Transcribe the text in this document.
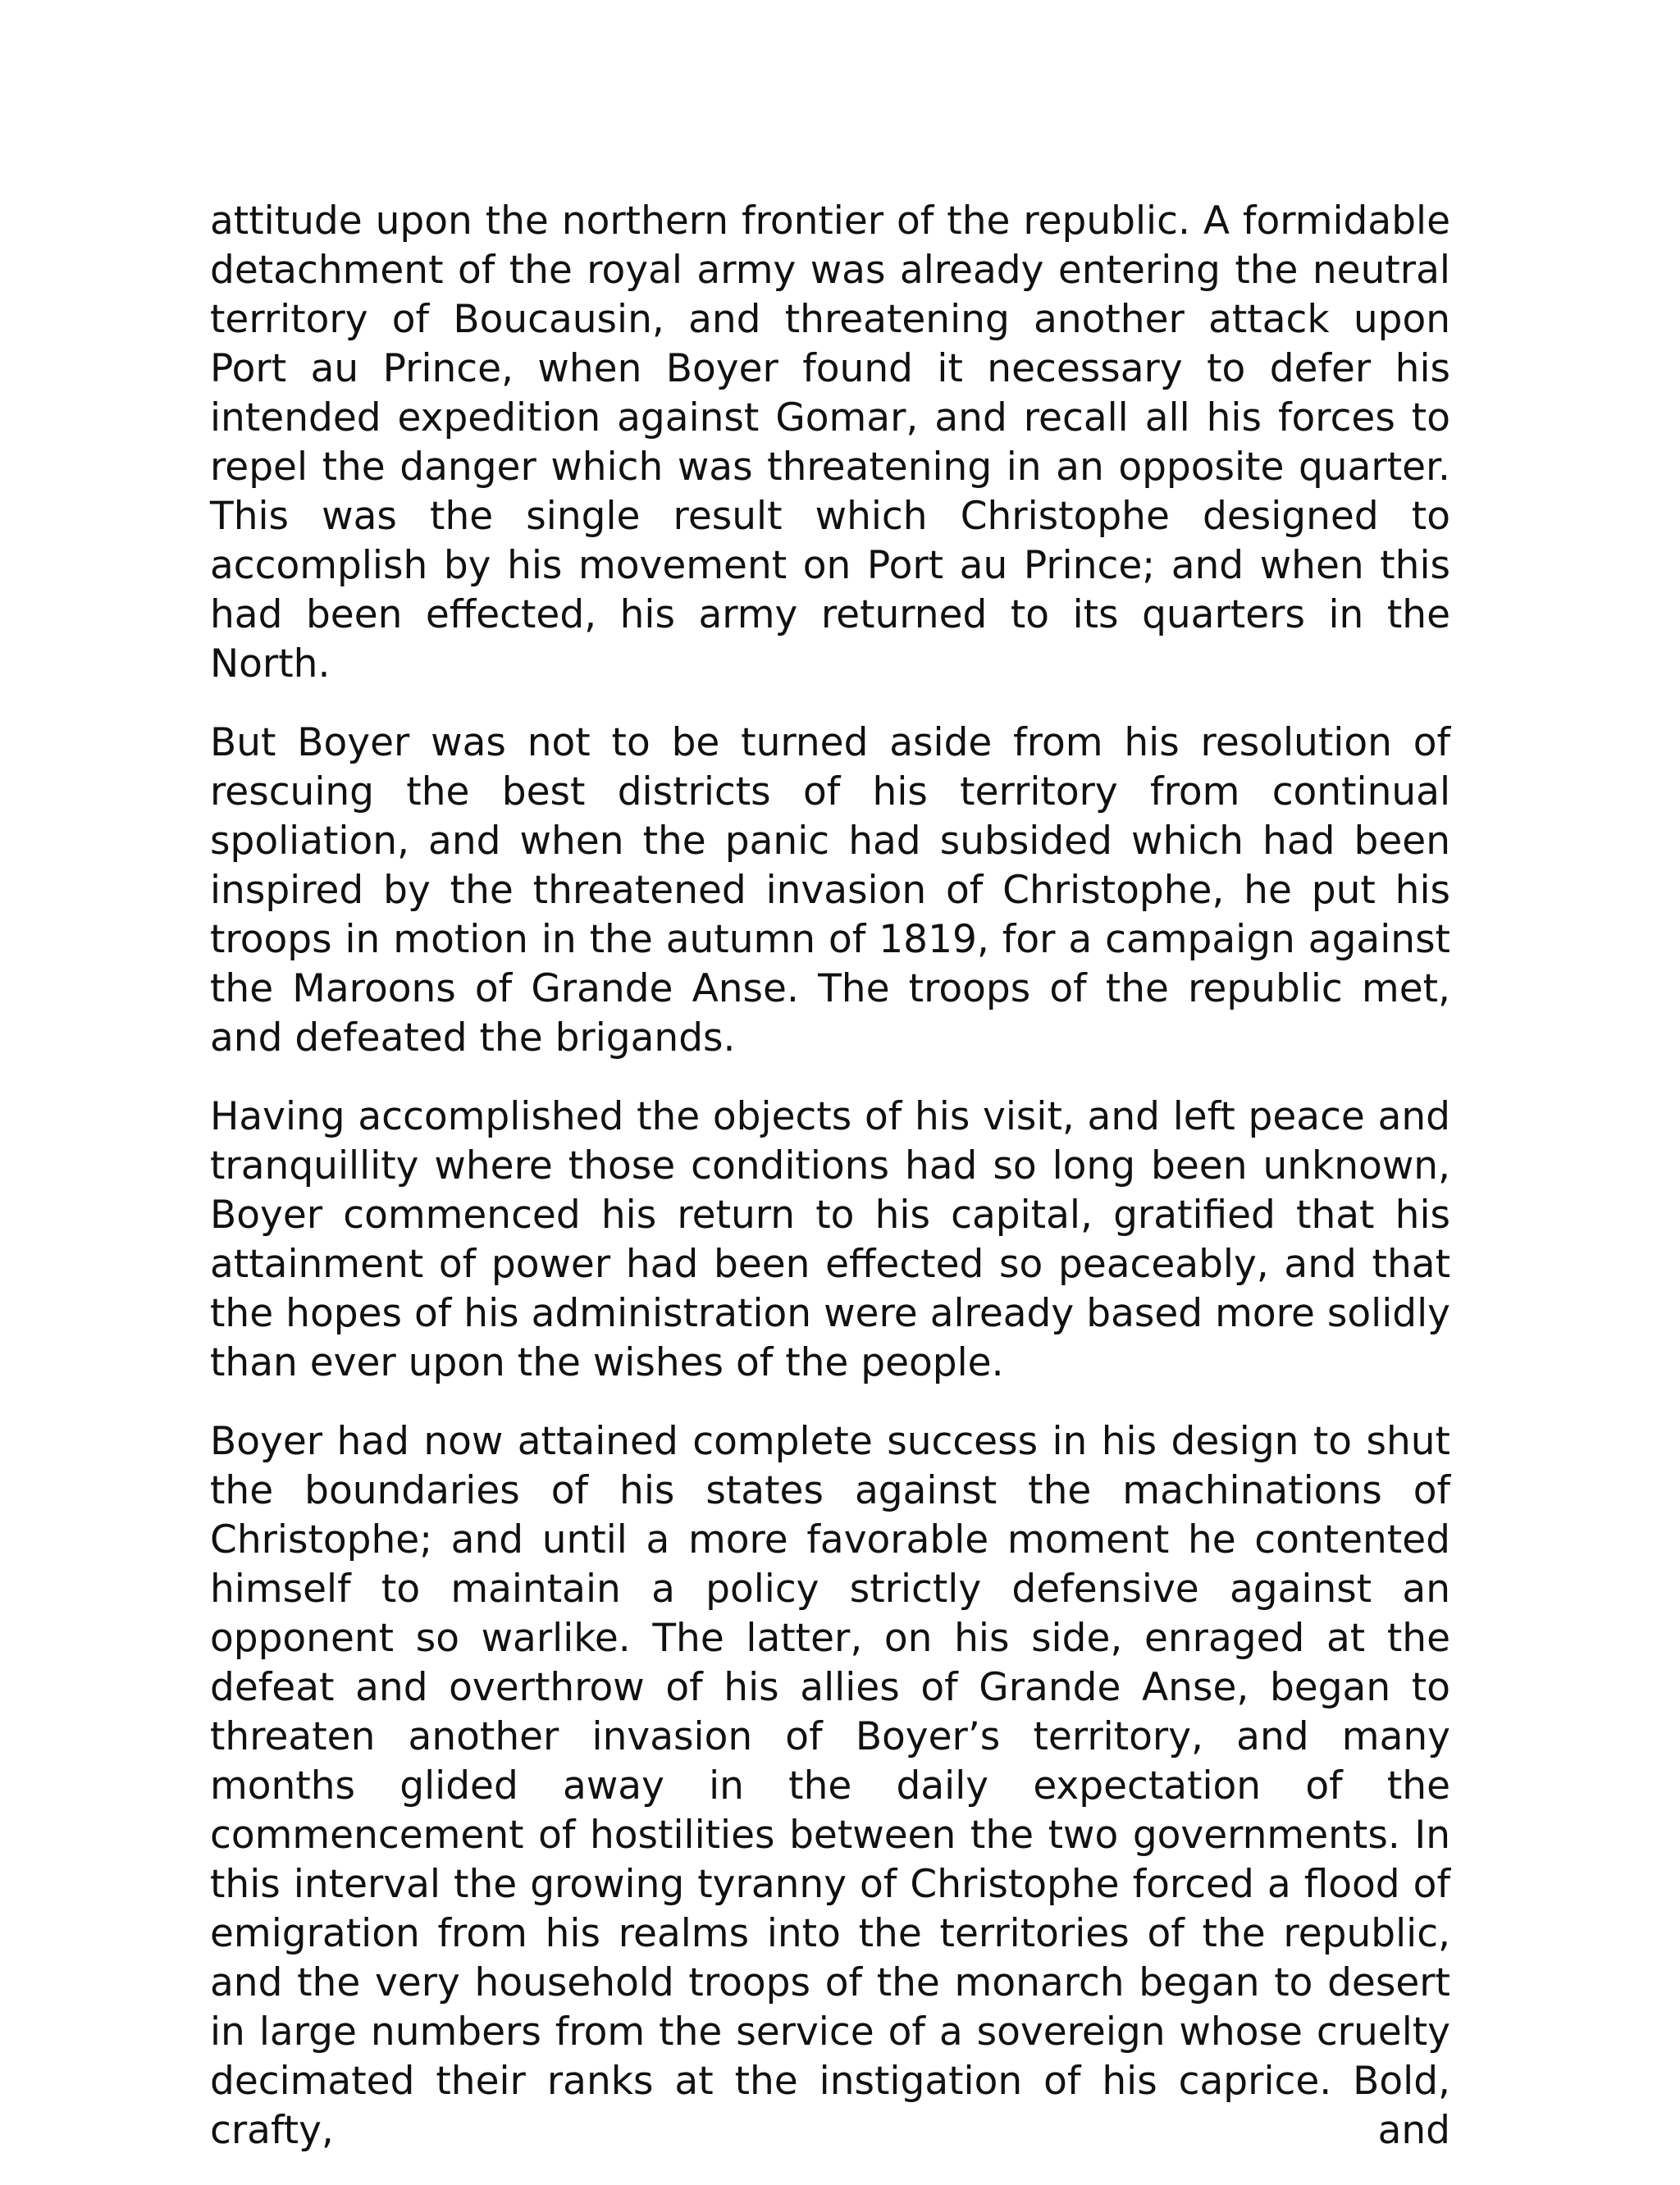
attitude upon the northern frontier of the republic. A formidable detachment of the royal army was already entering the neutral territory of Boucausin, and threatening another attack upon Port au Prince, when Boyer found it necessary to defer his intended expedition against Gomar, and recall all his forces to repel the danger which was threatening in an opposite quarter. This was the single result which Christophe designed to accomplish by his movement on Port au Prince; and when this had been effected, his army returned to its quarters in the North.

But Boyer was not to be turned aside from his resolution of rescuing the best districts of his territory from continual spoliation, and when the panic had subsided which had been inspired by the threatened invasion of Christophe, he put his troops in motion in the autumn of 1819, for a campaign against the Maroons of Grande Anse. The troops of the republic met, and defeated the brigands.

Having accomplished the objects of his visit, and left peace and tranquillity where those conditions had so long been unknown, Boyer commenced his return to his capital, gratified that his attainment of power had been effected so peaceably, and that the hopes of his administration were already based more solidly than ever upon the wishes of the people.

Boyer had now attained complete success in his design to shut the boundaries of his states against the machinations of Christophe; and until a more favorable moment he contented himself to maintain a policy strictly defensive against an opponent so warlike. The latter, on his side, enraged at the defeat and overthrow of his allies of Grande Anse, began to threaten another invasion of Boyer’s territory, and many months glided away in the daily expectation of the commencement of hostilities between the two governments. In this interval the growing tyranny of Christophe forced a flood of emigration from his realms into the territories of the republic, and the very household troops of the monarch began to desert in large numbers from the service of a sovereign whose cruelty decimated their ranks at the instigation of his caprice. Bold, crafty, and
